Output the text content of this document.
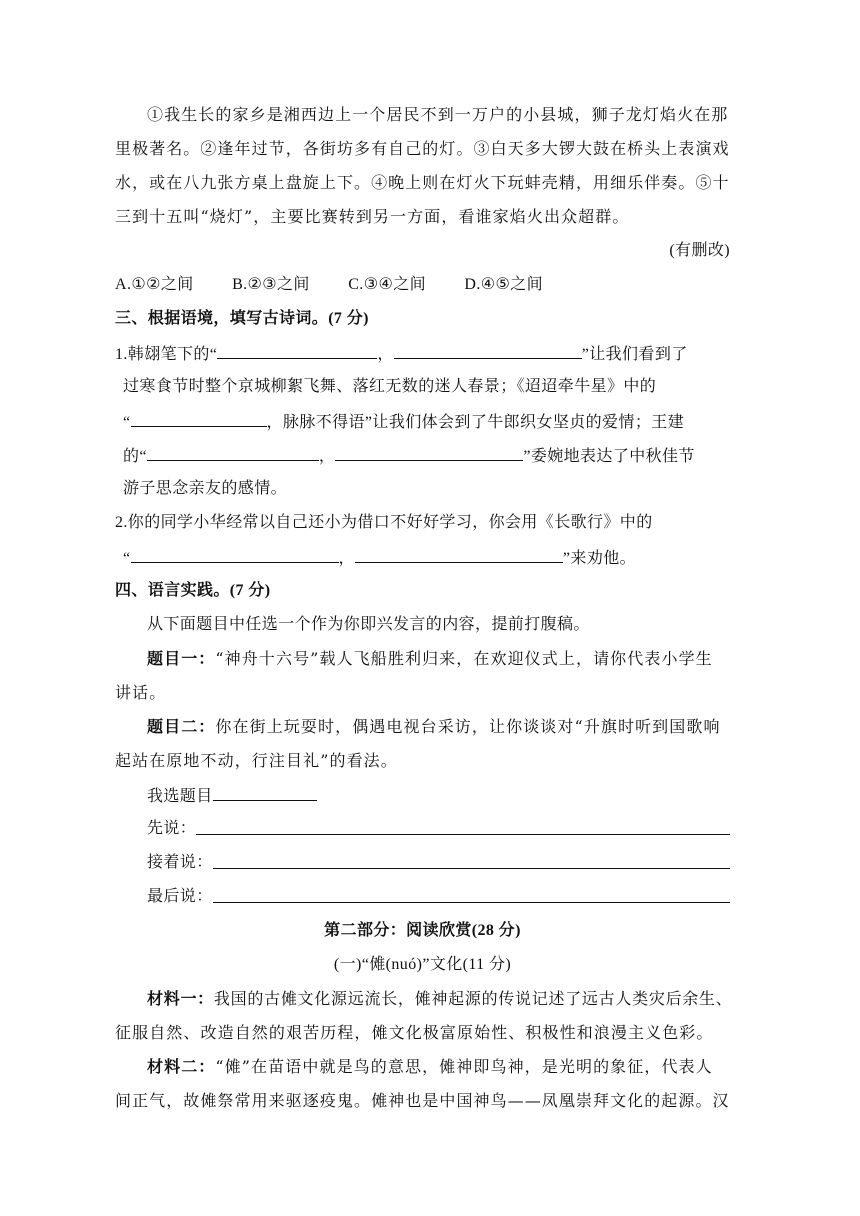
①我生长的家乡是湘西边上一个居民不到一万户的小县城，狮子龙灯焰火在那
里极著名。②逢年过节，各街坊多有自己的灯。③白天多大锣大鼓在桥头上表演戏
水，或在八九张方桌上盘旋上下。④晚上则在灯火下玩蚌壳精，用细乐伴奏。⑤十
三到十五叫“烧灯”，主要比赛转到另一方面，看谁家焰火出众超群。
(有删改)
A.①②之间 B.②③之间 C.③④之间 D.④⑤之间
三、根据语境，填写古诗词。(7 分)
1.韩翃笔下的“	，	”让我们看到了
过寒食节时整个京城柳絮飞舞、落红无数的迷人春景；《迢迢牵牛星》中的
“	，脉脉不得语”让我们体会到了牛郎织女坚贞的爱情；王建
的“	，	”委婉地表达了中秋佳节
游子思念亲友的感情。
2.你的同学小华经常以自己还小为借口不好好学习，你会用《长歌行》中的
“	，	”来劝他。
四、语言实践。(7 分)
从下面题目中任选一个作为你即兴发言的内容，提前打腹稿。
题目一：“神舟十六号”载人飞船胜利归来，在欢迎仪式上，请你代表小学生
讲话。
题目二：你在街上玩耍时，偶遇电视台采访，让你谈谈对“升旗时听到国歌响
起站在原地不动，行注目礼”的看法。
我选题目
先说：
接着说：
最后说：
第二部分：阅读欣赏(28 分)
(一)“傩(nuó)”文化(11 分)
材料一：我国的古傩文化源远流长，傩神起源的传说记述了远古人类灾后余生、
征服自然、改造自然的艰苦历程，傩文化极富原始性、积极性和浪漫主义色彩。
材料二：“傩”在苗语中就是鸟的意思，傩神即鸟神，是光明的象征，代表人
间正气，故傩祭常用来驱逐疫鬼。傩神也是中国神鸟——凤凰崇拜文化的起源。汉
